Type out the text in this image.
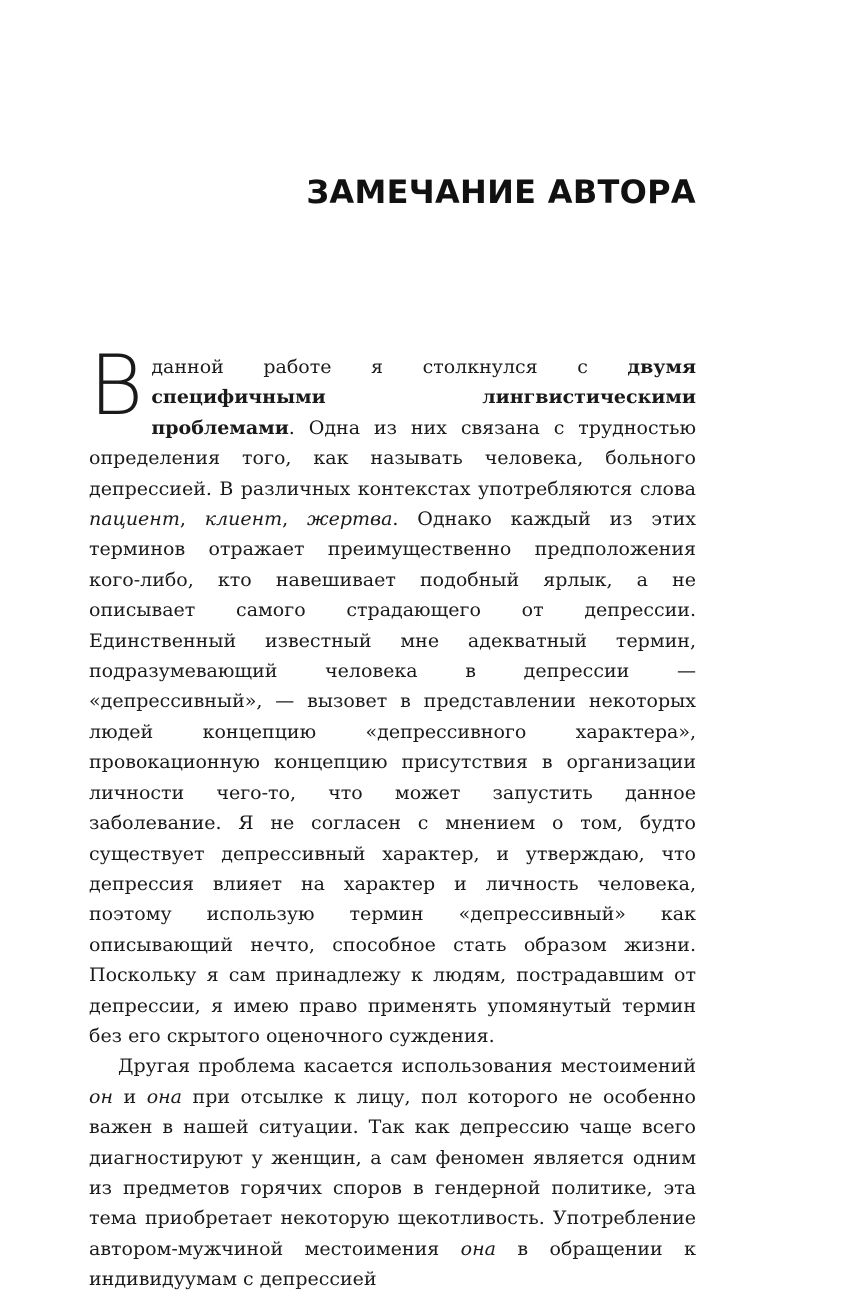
ЗАМЕЧАНИЕ АВТОРА

В данной работе я столкнулся с двумя специфичными лингвистическими проблемами. Одна из них связана с трудностью определения того, как называть человека, больного депрессией. В различных контекстах употребляются слова пациент, клиент, жертва. Однако каждый из этих терминов отражает преимущественно предположения кого-либо, кто навешивает подобный ярлык, а не описывает самого страдающего от депрессии. Единственный известный мне адекватный термин, подразумевающий человека в депрессии — «депрессивный», — вызовет в представлении некоторых людей концепцию «депрессивного характера», провокационную концепцию присутствия в организации личности чего-то, что может запустить данное заболевание. Я не согласен с мнением о том, будто существует депрессивный характер, и утверждаю, что депрессия влияет на характер и личность человека, поэтому использую термин «депрессивный» как описывающий нечто, способное стать образом жизни. Поскольку я сам принадлежу к людям, пострадавшим от депрессии, я имею право применять упомянутый термин без его скрытого оценочного суждения.

Другая проблема касается использования местоимений он и она при отсылке к лицу, пол которого не особенно важен в нашей ситуации. Так как депрессию чаще всего диагностируют у женщин, а сам феномен является одним из предметов горячих споров в гендерной политике, эта тема приобретает некоторую щекотливость. Употребление автором-мужчиной местоимения она в обращении к индивидуумам с депрессией
